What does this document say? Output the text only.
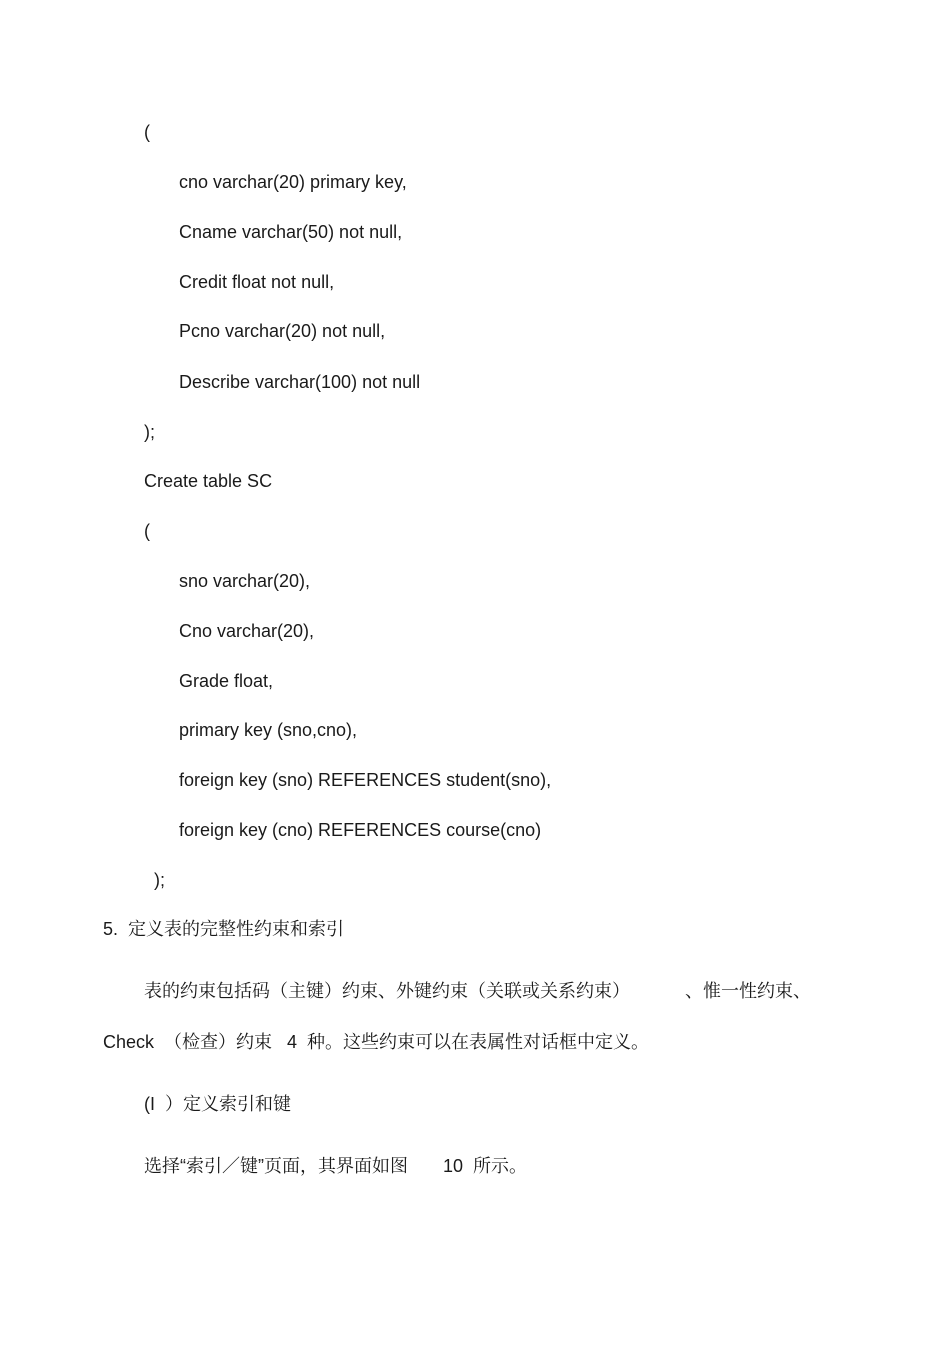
(
cno varchar(20) primary key,
Cname varchar(50) not null,
Credit float not null,
Pcno varchar(20) not null,
Describe varchar(100) not null
);
Create table SC
(
sno varchar(20),
Cno varchar(20),
Grade float,
primary key (sno,cno),
foreign key (sno) REFERENCES student(sno),
foreign key (cno) REFERENCES course(cno)
);
5.  定义表的完整性约束和索引
表的约束包括码（主键）约束、外键约束（关联或关系约束）           、惟一性约束、
Check  （检查）约束   4  种。这些约束可以在表属性对话框中定义。
(I  ）定义索引和键
选择“索引／键”页面，其界面如图       10  所示。
